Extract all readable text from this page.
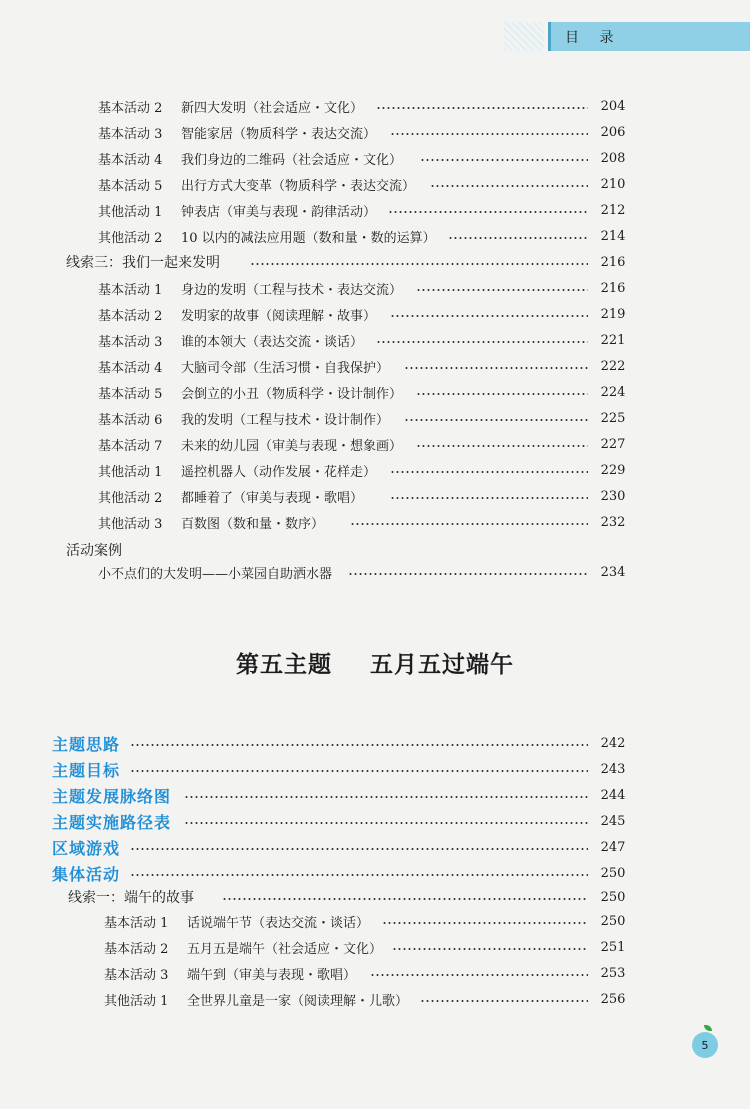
目 录
基本活动 2 新四大发明（社会适应・文化）	204
基本活动 3 智能家居（物质科学・表达交流）	206
基本活动 4 我们身边的二维码（社会适应・文化）	208
基本活动 5 出行方式大变革（物质科学・表达交流）	210
其他活动 1 钟表店（审美与表现・韵律活动）	212
其他活动 2 10 以内的减法应用题（数和量・数的运算）	214
线索三：我们一起来发明	216
基本活动 1 身边的发明（工程与技术・表达交流）	216
基本活动 2 发明家的故事（阅读理解・故事）	219
基本活动 3 谁的本领大（表达交流・谈话）	221
基本活动 4 大脑司令部（生活习惯・自我保护）	222
基本活动 5 会倒立的小丑（物质科学・设计制作）	224
基本活动 6 我的发明（工程与技术・设计制作）	225
基本活动 7 未来的幼儿园（审美与表现・想象画）	227
其他活动 1 遥控机器人（动作发展・花样走）	229
其他活动 2 都睡着了（审美与表现・歌唱）	230
其他活动 3 百数图（数和量・数序）	232
活动案例
小不点们的大发明——小菜园自助洒水器	234
第五主题 五月五过端午
主题思路	242
主题目标	243
主题发展脉络图	244
主题实施路径表	245
区域游戏	247
集体活动	250
线索一：端午的故事	250
基本活动 1 话说端午节（表达交流・谈话）	250
基本活动 2 五月五是端午（社会适应・文化）	251
基本活动 3 端午到（审美与表现・歌唱）	253
其他活动 1 全世界儿童是一家（阅读理解・儿歌）	256
5
